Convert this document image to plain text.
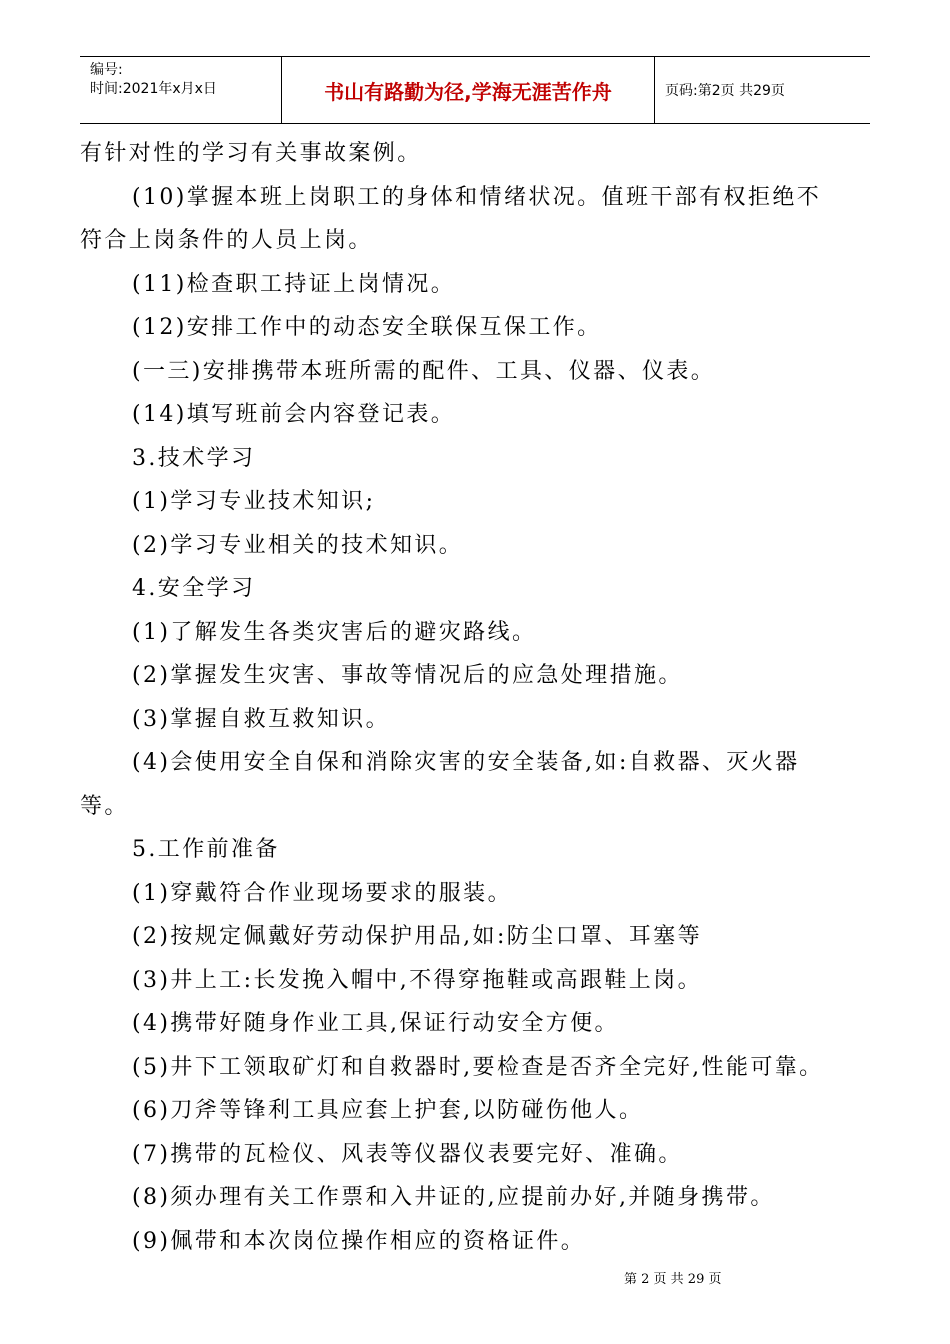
编号:
时间:2021年x月x日	书山有路勤为径,学海无涯苦作舟	页码:第2页 共29页
有针对性的学习有关事故案例。
(10)掌握本班上岗职工的身体和情绪状况。值班干部有权拒绝不
符合上岗条件的人员上岗。
(11)检查职工持证上岗情况。
(12)安排工作中的动态安全联保互保工作。
(一三)安排携带本班所需的配件、工具、仪器、仪表。
(14)填写班前会内容登记表。
3.技术学习
(1)学习专业技术知识;
(2)学习专业相关的技术知识。
4.安全学习
(1)了解发生各类灾害后的避灾路线。
(2)掌握发生灾害、事故等情况后的应急处理措施。
(3)掌握自救互救知识。
(4)会使用安全自保和消除灾害的安全装备,如:自救器、灭火器
等。
5.工作前准备
(1)穿戴符合作业现场要求的服装。
(2)按规定佩戴好劳动保护用品,如:防尘口罩、耳塞等
(3)井上工:长发挽入帽中,不得穿拖鞋或高跟鞋上岗。
(4)携带好随身作业工具,保证行动安全方便。
(5)井下工领取矿灯和自救器时,要检查是否齐全完好,性能可靠。
(6)刀斧等锋利工具应套上护套,以防碰伤他人。
(7)携带的瓦检仪、风表等仪器仪表要完好、准确。
(8)须办理有关工作票和入井证的,应提前办好,并随身携带。
(9)佩带和本次岗位操作相应的资格证件。
第 2 页 共 29 页
